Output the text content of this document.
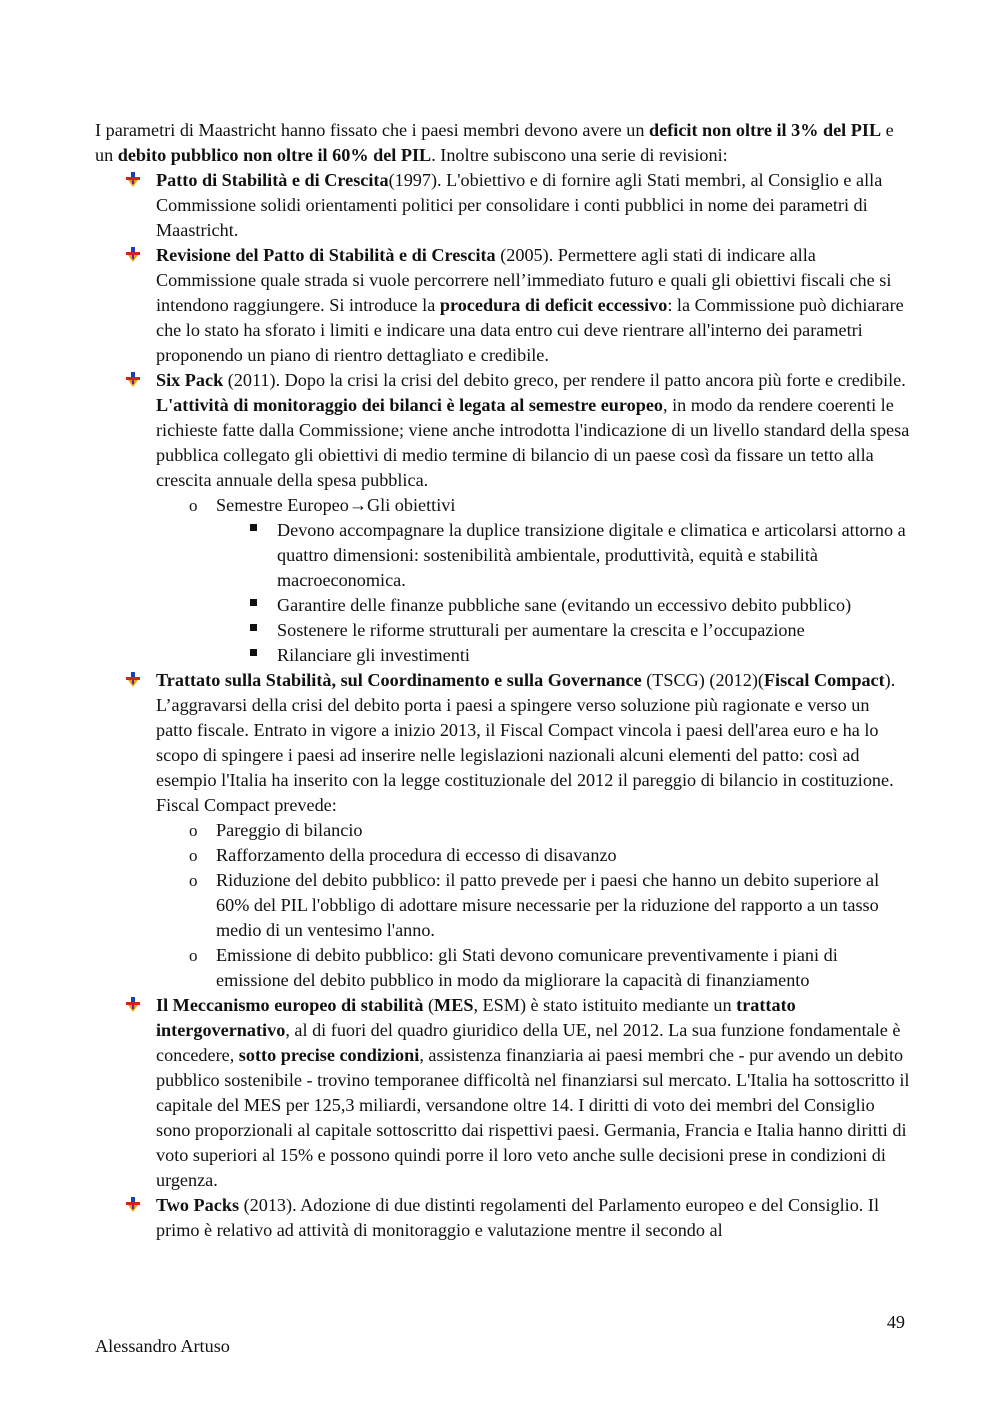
I parametri di Maastricht hanno fissato che i paesi membri devono avere un deficit non oltre il 3% del PIL e un debito pubblico non oltre il 60% del PIL. Inoltre subiscono una serie di revisioni:

Patto di Stabilità e di Crescita(1997). L'obiettivo e di fornire agli Stati membri, al Consiglio e alla Commissione solidi orientamenti politici per consolidare i conti pubblici in nome dei parametri di Maastricht.
Revisione del Patto di Stabilità e di Crescita (2005). Permettere agli stati di indicare alla Commissione quale strada si vuole percorrere nell’immediato futuro e quali gli obiettivi fiscali che si intendono raggiungere. Si introduce la procedura di deficit eccessivo: la Commissione può dichiarare che lo stato ha sforato i limiti e indicare una data entro cui deve rientrare all'interno dei parametri proponendo un piano di rientro dettagliato e credibile.
Six Pack (2011). Dopo la crisi la crisi del debito greco, per rendere il patto ancora più forte e credibile. L'attività di monitoraggio dei bilanci è legata al semestre europeo, in modo da rendere coerenti le richieste fatte dalla Commissione; viene anche introdotta l'indicazione di un livello standard della spesa pubblica collegato gli obiettivi di medio termine di bilancio di un paese così da fissare un tetto alla crescita annuale della spesa pubblica.
o Semestre Europeo→Gli obiettivi
Devono accompagnare la duplice transizione digitale e climatica e articolarsi attorno a quattro dimensioni: sostenibilità ambientale, produttività, equità e stabilità macroeconomica.
Garantire delle finanze pubbliche sane (evitando un eccessivo debito pubblico)
Sostenere le riforme strutturali per aumentare la crescita e l’occupazione
Rilanciare gli investimenti
Trattato sulla Stabilità, sul Coordinamento e sulla Governance (TSCG) (2012)(Fiscal Compact). L’aggravarsi della crisi del debito porta i paesi a spingere verso soluzione più ragionate e verso un patto fiscale. Entrato in vigore a inizio 2013, il Fiscal Compact vincola i paesi dell'area euro e ha lo scopo di spingere i paesi ad inserire nelle legislazioni nazionali alcuni elementi del patto: così ad esempio l'Italia ha inserito con la legge costituzionale del 2012 il pareggio di bilancio in costituzione. Fiscal Compact prevede:
o Pareggio di bilancio
o Rafforzamento della procedura di eccesso di disavanzo
o Riduzione del debito pubblico: il patto prevede per i paesi che hanno un debito superiore al 60% del PIL l'obbligo di adottare misure necessarie per la riduzione del rapporto a un tasso medio di un ventesimo l'anno.
o Emissione di debito pubblico: gli Stati devono comunicare preventivamente i piani di emissione del debito pubblico in modo da migliorare la capacità di finanziamento
Il Meccanismo europeo di stabilità (MES, ESM) è stato istituito mediante un trattato intergovernativo, al di fuori del quadro giuridico della UE, nel 2012. La sua funzione fondamentale è concedere, sotto precise condizioni, assistenza finanziaria ai paesi membri che - pur avendo un debito pubblico sostenibile - trovino temporanee difficoltà nel finanziarsi sul mercato. L'Italia ha sottoscritto il capitale del MES per 125,3 miliardi, versandone oltre 14. I diritti di voto dei membri del Consiglio sono proporzionali al capitale sottoscritto dai rispettivi paesi. Germania, Francia e Italia hanno diritti di voto superiori al 15% e possono quindi porre il loro veto anche sulle decisioni prese in condizioni di urgenza.
Two Packs (2013). Adozione di due distinti regolamenti del Parlamento europeo e del Consiglio. Il primo è relativo ad attività di monitoraggio e valutazione mentre il secondo al
49
Alessandro Artuso
